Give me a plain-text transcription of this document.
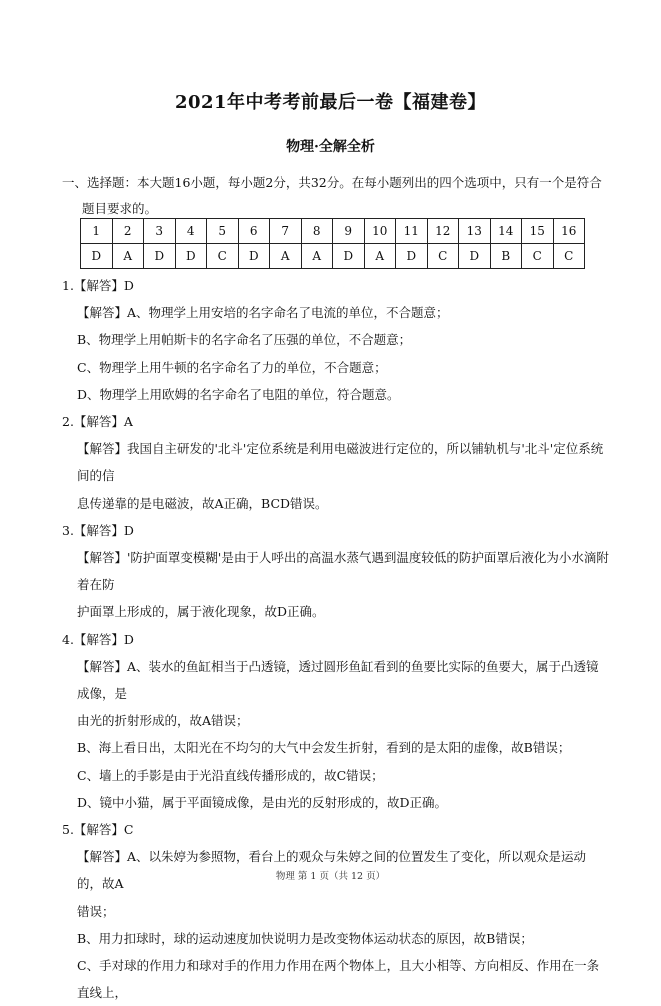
2021年中考考前最后一卷【福建卷】
物理·全解全析
一、选择题：本大题16小题，每小题2分，共32分。在每小题列出的四个选项中，只有一个是符合
题目要求的。
1	2	3	4	5	6	7	8	9	10	11	12	13	14	15	16
D	A	D	D	C	D	A	A	D	A	D	C	D	B	C	C

1.【解答】D

【解答】A、物理学上用安培的名字命名了电流的单位，不合题意；

B、物理学上用帕斯卡的名字命名了压强的单位，不合题意；

C、物理学上用牛顿的名字命名了力的单位，不合题意；

D、物理学上用欧姆的名字命名了电阻的单位，符合题意。

2.【解答】A

【解答】我国自主研发的'北斗'定位系统是利用电磁波进行定位的，所以铺轨机与'北斗'定位系统间的信

息传递靠的是电磁波，故A正确，BCD错误。

3.【解答】D

【解答】'防护面罩变模糊'是由于人呼出的高温水蒸气遇到温度较低的防护面罩后液化为小水滴附着在防

护面罩上形成的，属于液化现象，故D正确。

4.【解答】D

【解答】A、装水的鱼缸相当于凸透镜，透过圆形鱼缸看到的鱼要比实际的鱼要大，属于凸透镜成像，是

由光的折射形成的，故A错误；

B、海上看日出，太阳光在不均匀的大气中会发生折射，看到的是太阳的虚像，故B错误；

C、墙上的手影是由于光沿直线传播形成的，故C错误；

D、镜中小猫，属于平面镜成像，是由光的反射形成的，故D正确。

5.【解答】C

【解答】A、以朱婷为参照物，看台上的观众与朱婷之间的位置发生了变化，所以观众是运动的，故A

错误；

B、用力扣球时，球的运动速度加快说明力是改变物体运动状态的原因，故B错误；

C、手对球的作用力和球对手的作用力作用在两个物体上，且大小相等、方向相反、作用在一条直线上，

物理 第 1 页（共 12 页）
